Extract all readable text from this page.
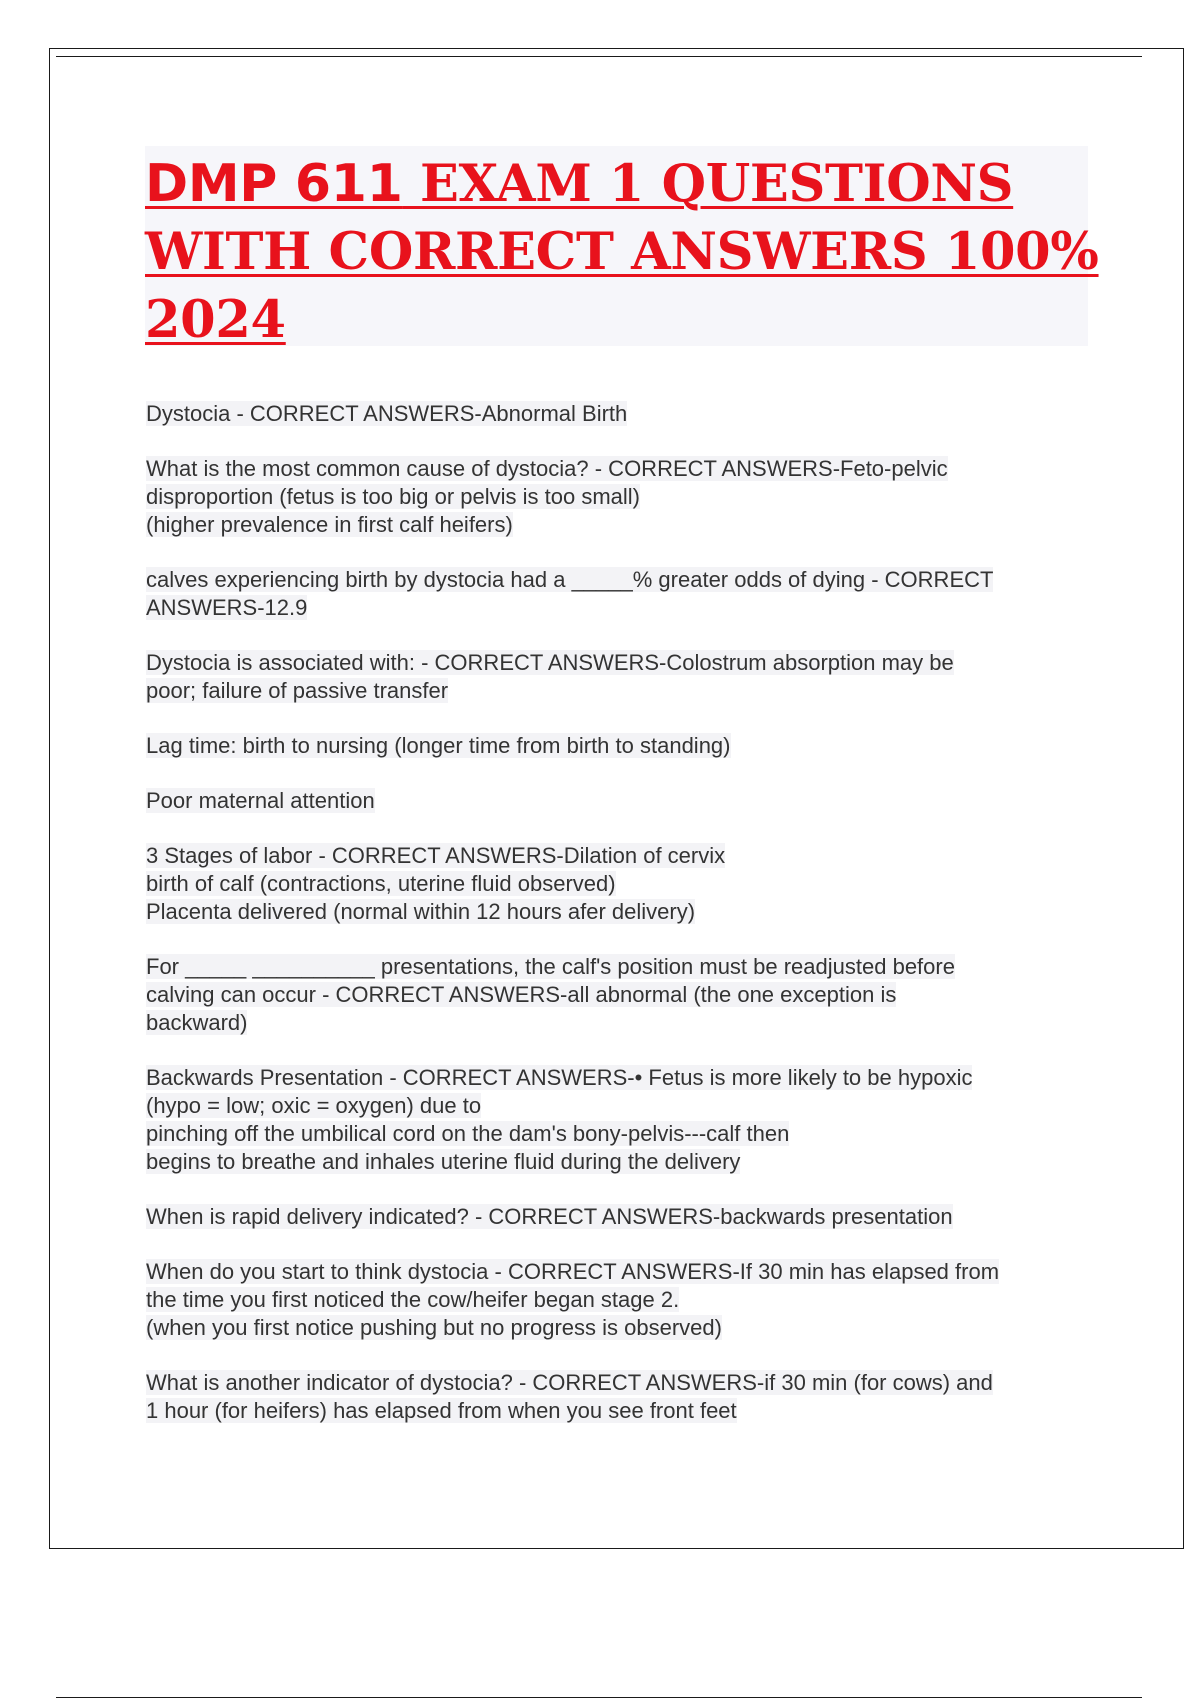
DMP 611 EXAM 1 QUESTIONS
WITH CORRECT ANSWERS 100%
2024
Dystocia - CORRECT ANSWERS-Abnormal Birth
What is the most common cause of dystocia? - CORRECT ANSWERS-Feto-pelvic
disproportion (fetus is too big or pelvis is too small)
(higher prevalence in first calf heifers)
calves experiencing birth by dystocia had a _____% greater odds of dying - CORRECT
ANSWERS-12.9
Dystocia is associated with: - CORRECT ANSWERS-Colostrum absorption may be
poor; failure of passive transfer
Lag time: birth to nursing (longer time from birth to standing)
Poor maternal attention
3 Stages of labor - CORRECT ANSWERS-Dilation of cervix
birth of calf (contractions, uterine fluid observed)
Placenta delivered (normal within 12 hours afer delivery)
For _____ __________ presentations, the calf's position must be readjusted before
calving can occur - CORRECT ANSWERS-all abnormal (the one exception is
backward)
Backwards Presentation - CORRECT ANSWERS-• Fetus is more likely to be hypoxic
(hypo = low; oxic = oxygen) due to
pinching off the umbilical cord on the dam's bony-pelvis---calf then
begins to breathe and inhales uterine fluid during the delivery
When is rapid delivery indicated? - CORRECT ANSWERS-backwards presentation
When do you start to think dystocia - CORRECT ANSWERS-If 30 min has elapsed from
the time you first noticed the cow/heifer began stage 2.
(when you first notice pushing but no progress is observed)
What is another indicator of dystocia? - CORRECT ANSWERS-if 30 min (for cows) and
1 hour (for heifers) has elapsed from when you see front feet
